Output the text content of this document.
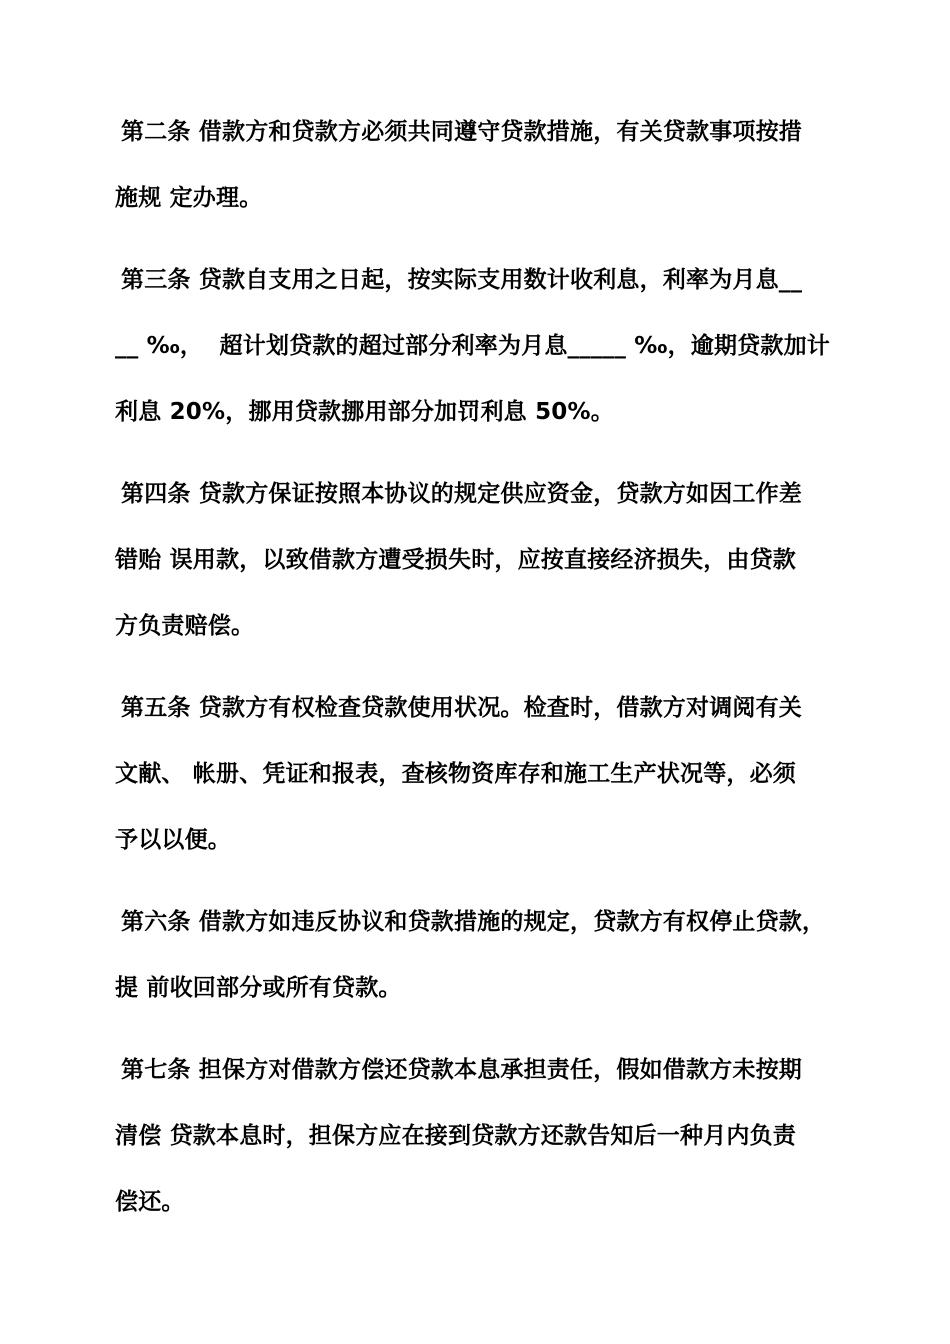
第二条 借款方和贷款方必须共同遵守贷款措施，有关贷款事项按措
施规 定办理。
第三条 贷款自支用之日起，按实际支用数计收利息，利率为月息__
__ ‰，  超计划贷款的超过部分利率为月息_____ ‰，逾期贷款加计
利息 20%，挪用贷款挪用部分加罚利息 50%。
第四条 贷款方保证按照本协议的规定供应资金，贷款方如因工作差
错贻 误用款，以致借款方遭受损失时，应按直接经济损失，由贷款
方负责赔偿。
第五条 贷款方有权检查贷款使用状况。检查时，借款方对调阅有关
文献、 帐册、凭证和报表，查核物资库存和施工生产状况等，必须
予以以便。
第六条 借款方如违反协议和贷款措施的规定，贷款方有权停止贷款，
提 前收回部分或所有贷款。
第七条 担保方对借款方偿还贷款本息承担责任，假如借款方未按期
清偿 贷款本息时，担保方应在接到贷款方还款告知后一种月内负责
偿还。
